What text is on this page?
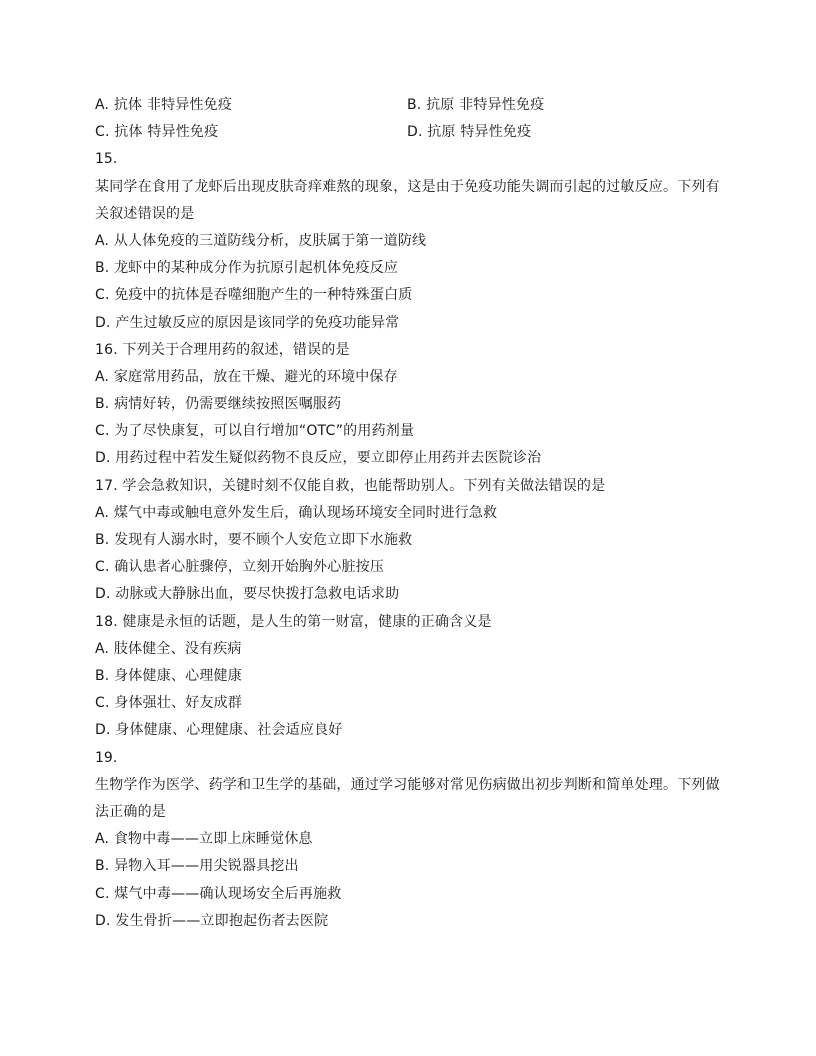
A. 抗体 非特异性免疫	B. 抗原 非特异性免疫
C. 抗体 特异性免疫	D. 抗原 特异性免疫
15.
某同学在食用了龙虾后出现皮肤奇痒难熬的现象，这是由于免疫功能失调而引起的过敏反应。下列有关叙述错误的是
A. 从人体免疫的三道防线分析，皮肤属于第一道防线
B. 龙虾中的某种成分作为抗原引起机体免疫反应
C. 免疫中的抗体是吞噬细胞产生的一种特殊蛋白质
D. 产生过敏反应的原因是该同学的免疫功能异常
16. 下列关于合理用药的叙述，错误的是
A. 家庭常用药品，放在干燥、避光的环境中保存
B. 病情好转，仍需要继续按照医嘱服药
C. 为了尽快康复，可以自行增加“OTC”的用药剂量
D. 用药过程中若发生疑似药物不良反应，要立即停止用药并去医院诊治
17. 学会急救知识，关键时刻不仅能自救，也能帮助别人。下列有关做法错误的是
A. 煤气中毒或触电意外发生后，确认现场环境安全同时进行急救
B. 发现有人溺水时，要不顾个人安危立即下水施救
C. 确认患者心脏骤停，立刻开始胸外心脏按压
D. 动脉或大静脉出血，要尽快拨打急救电话求助
18. 健康是永恒的话题，是人生的第一财富，健康的正确含义是
A. 肢体健全、没有疾病
B. 身体健康、心理健康
C. 身体强壮、好友成群
D. 身体健康、心理健康、社会适应良好
19.
生物学作为医学、药学和卫生学的基础，通过学习能够对常见伤病做出初步判断和简单处理。下列做法正确的是
A. 食物中毒——立即上床睡觉休息
B. 异物入耳——用尖锐器具挖出
C. 煤气中毒——确认现场安全后再施救
D. 发生骨折——立即抱起伤者去医院
